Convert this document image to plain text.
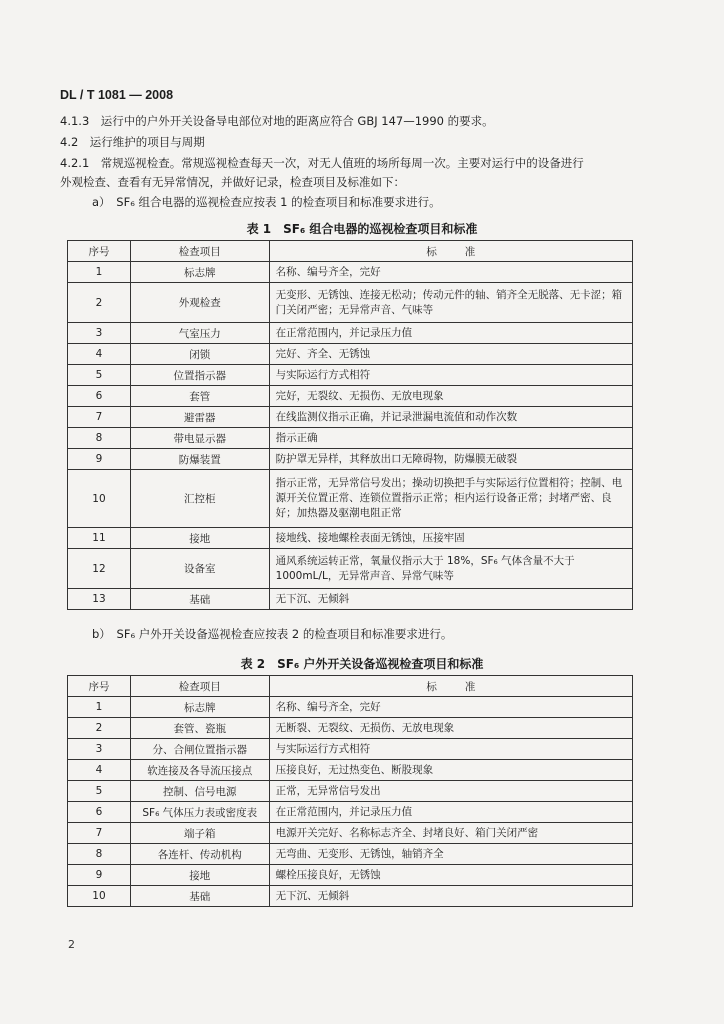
DL / T 1081 — 2008
4.1.3　运行中的户外开关设备导电部位对地的距离应符合 GBJ 147—1990 的要求。
4.2　运行维护的项目与周期
4.2.1　常规巡视检查。常规巡视检查每天一次，对无人值班的场所每周一次。主要对运行中的设备进行
外观检查、查看有无异常情况，并做好记录，检查项目及标准如下：
a）　SF₆ 组合电器的巡视检查应按表 1 的检查项目和标准要求进行。
表 1　SF₆ 组合电器的巡视检查项目和标准
序号	检查项目	标准
1	标志牌	名称、编号齐全，完好
2	外观检查	无变形、无锈蚀、连接无松动；传动元件的轴、销齐全无脱落、无卡涩；箱门关闭严密；无异常声音、气味等
3	气室压力	在正常范围内，并记录压力值
4	闭锁	完好、齐全、无锈蚀
5	位置指示器	与实际运行方式相符
6	套管	完好，无裂纹、无损伤、无放电现象
7	避雷器	在线监测仪指示正确，并记录泄漏电流值和动作次数
8	带电显示器	指示正确
9	防爆装置	防护罩无异样，其释放出口无障碍物，防爆膜无破裂
10	汇控柜	指示正常，无异常信号发出；操动切换把手与实际运行位置相符；控制、电源开关位置正常、连锁位置指示正常；柜内运行设备正常；封堵严密、良好；加热器及驱潮电阻正常
11	接地	接地线、接地螺栓表面无锈蚀，压接牢固
12	设备室	通风系统运转正常，氧量仪指示大于 18%，SF₆ 气体含量不大于 1000mL/L，无异常声音、异常气味等
13	基础	无下沉、无倾斜
b）　SF₆ 户外开关设备巡视检查应按表 2 的检查项目和标准要求进行。
表 2　SF₆ 户外开关设备巡视检查项目和标准
序号	检查项目	标准
1	标志牌	名称、编号齐全，完好
2	套管、瓷瓶	无断裂、无裂纹、无损伤、无放电现象
3	分、合闸位置指示器	与实际运行方式相符
4	软连接及各导流压接点	压接良好，无过热变色、断股现象
5	控制、信号电源	正常，无异常信号发出
6	SF₆ 气体压力表或密度表	在正常范围内，并记录压力值
7	端子箱	电源开关完好、名称标志齐全、封堵良好、箱门关闭严密
8	各连杆、传动机构	无弯曲、无变形、无锈蚀，轴销齐全
9	接地	螺栓压接良好，无锈蚀
10	基础	无下沉、无倾斜
2
